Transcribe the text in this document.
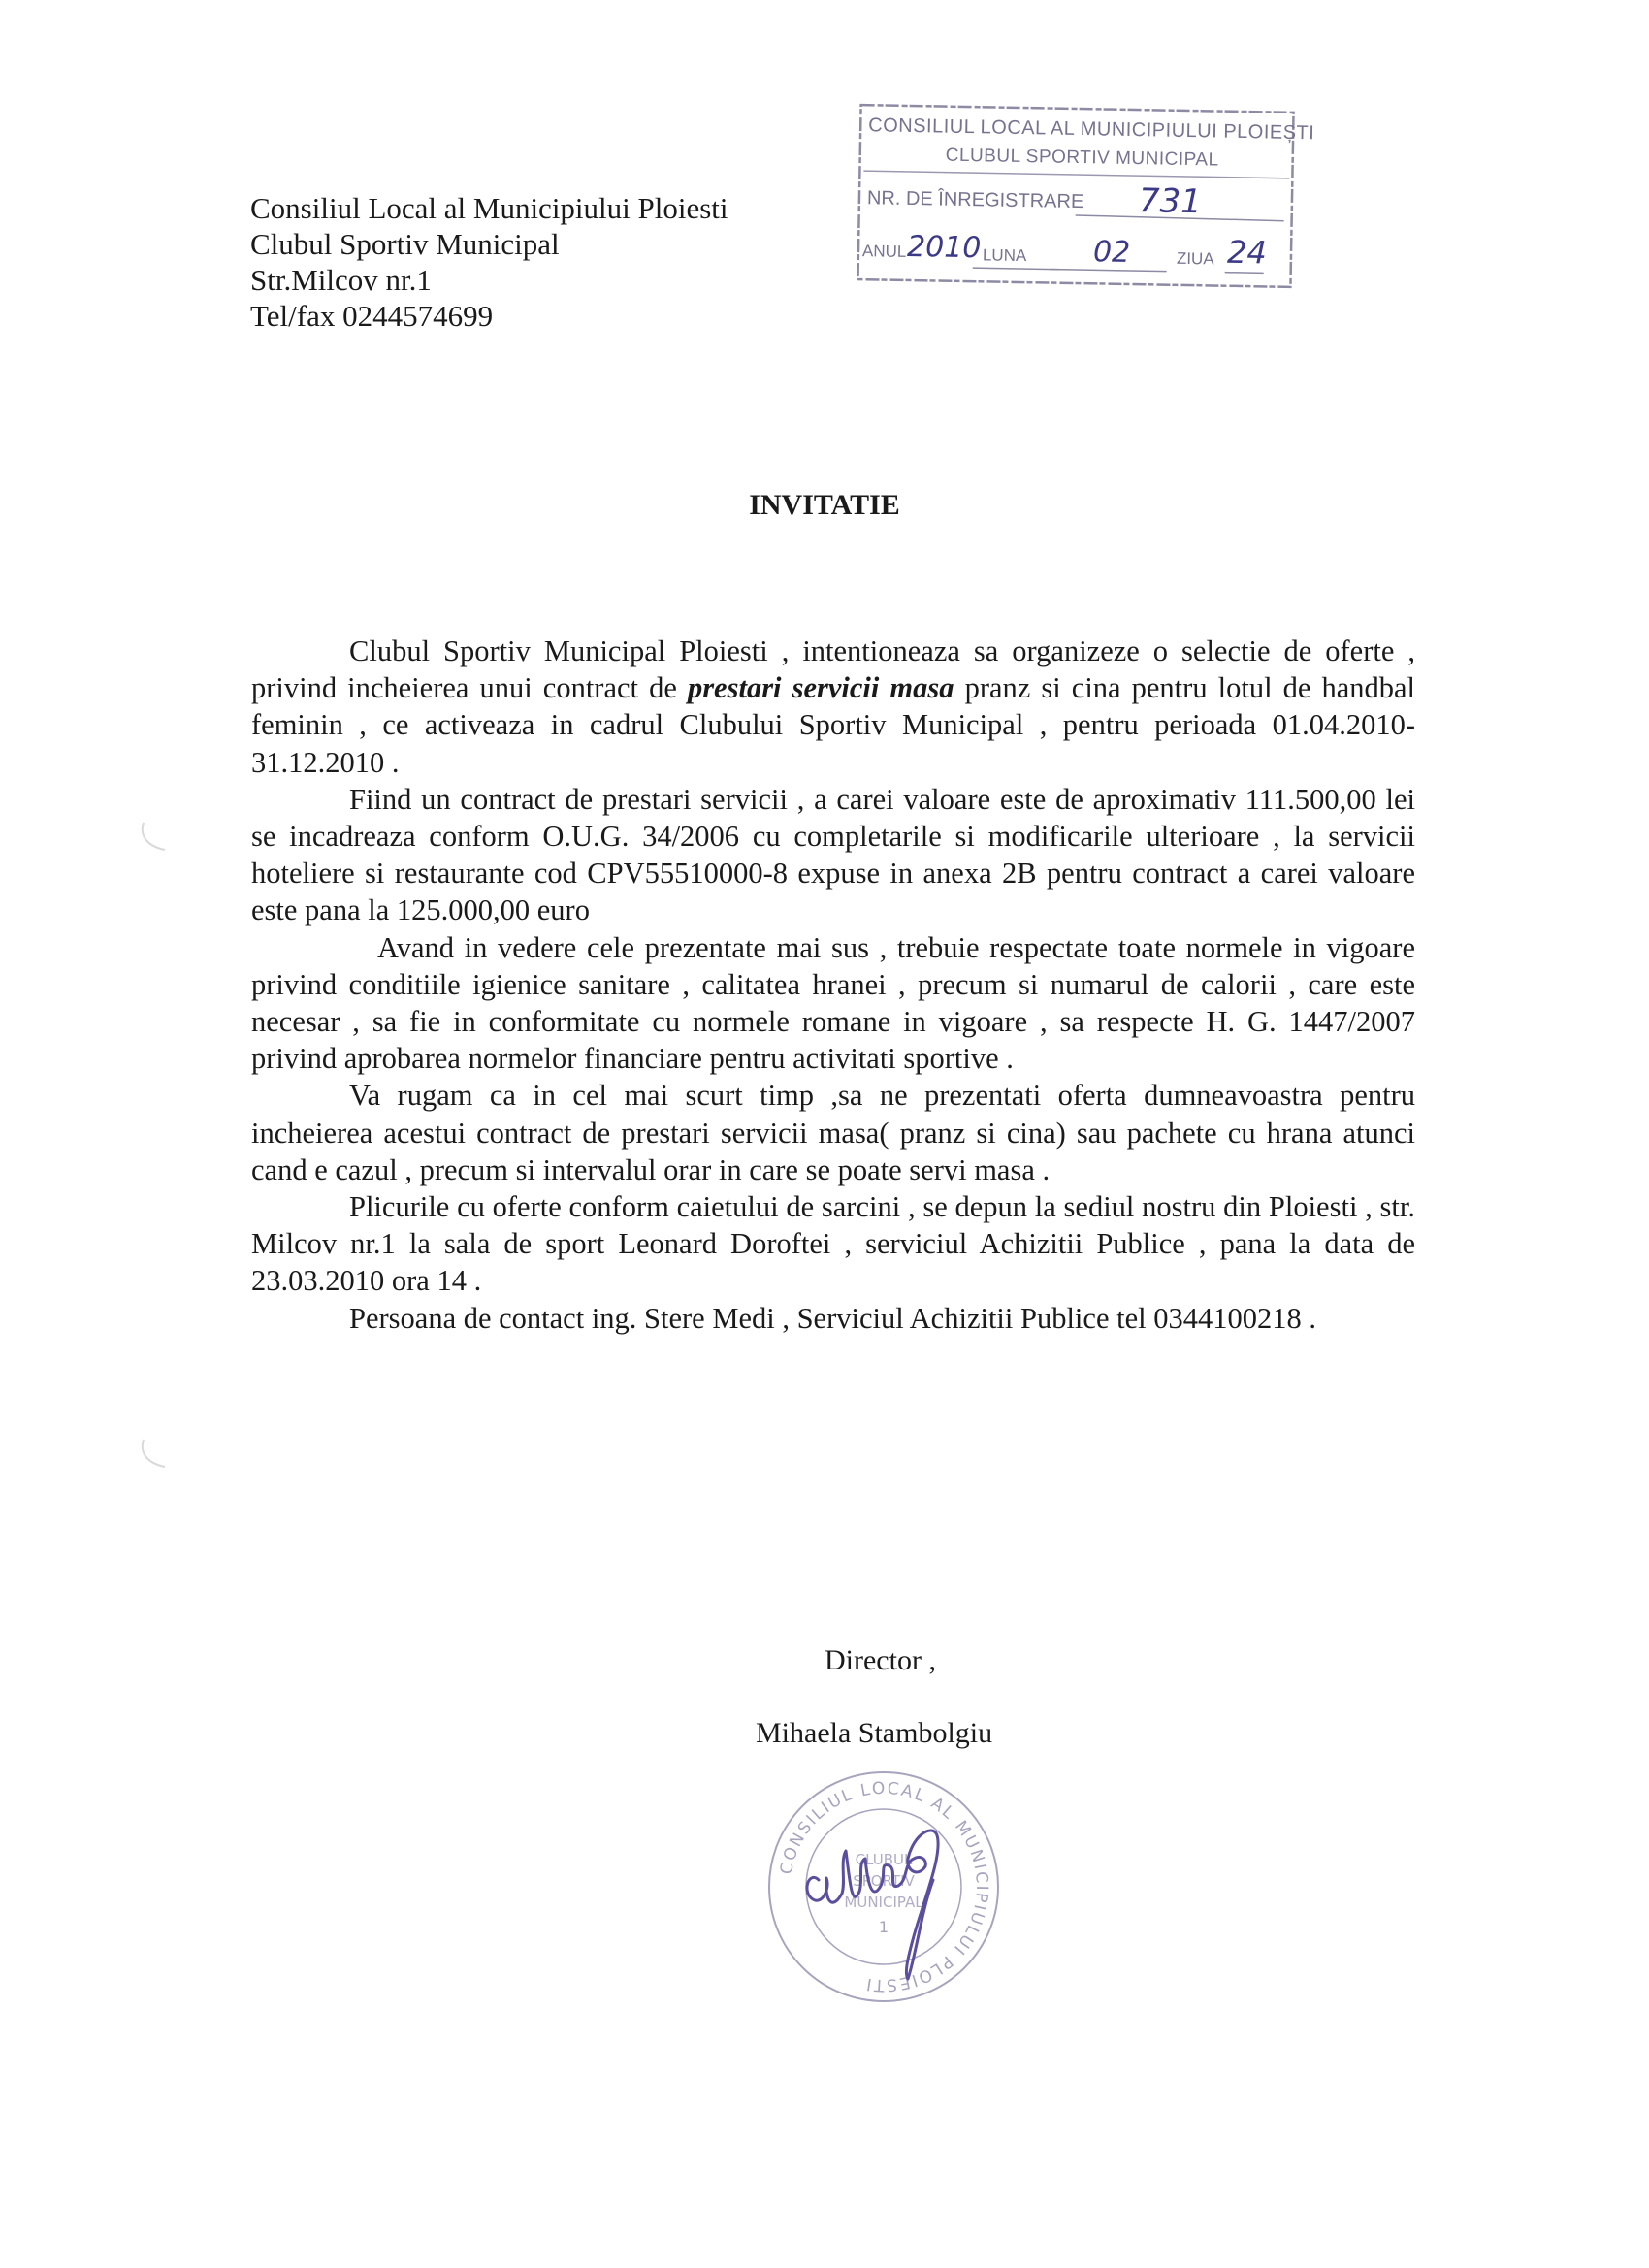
Consiliul Local al Municipiului Ploiesti
Clubul Sportiv Municipal
Str.Milcov nr.1
Tel/fax 0244574699
CONSILIUL LOCAL AL MUNICIPIULUI PLOIEȘTI
CLUBUL SPORTIV MUNICIPAL
NR. DE ÎNREGISTRARE 731
ANUL 2010 LUNA 02	ZIUA 24
INVITATIE

Clubul Sportiv Municipal Ploiesti , intentioneaza sa organizeze o selectie de oferte , privind incheierea unui contract de prestari servicii masa pranz si cina pentru lotul de handbal feminin , ce activeaza in cadrul Clubului Sportiv Municipal , pentru perioada 01.04.2010-31.12.2010 .

Fiind un contract de prestari servicii , a carei valoare este de aproximativ 111.500,00 lei se incadreaza conform O.U.G. 34/2006 cu completarile si modificarile ulterioare , la servicii hoteliere si restaurante cod CPV55510000-8 expuse in anexa 2B pentru contract a carei valoare este pana la 125.000,00 euro

Avand in vedere cele prezentate mai sus , trebuie respectate toate normele in vigoare privind conditiile igienice sanitare , calitatea hranei , precum si numarul de calorii , care este necesar , sa fie in conformitate cu normele romane in vigoare , sa respecte H. G. 1447/2007 privind aprobarea normelor financiare pentru activitati sportive .

Va rugam ca in cel mai scurt timp ,sa ne prezentati oferta dumneavoastra pentru incheierea acestui contract de prestari servicii masa( pranz si cina) sau pachete cu hrana atunci cand e cazul , precum si intervalul orar in care se poate servi masa .

Plicurile cu oferte conform caietului de sarcini , se depun la sediul nostru din Ploiesti , str. Milcov nr.1 la sala de sport Leonard Doroftei , serviciul Achizitii Publice , pana la data de 23.03.2010 ora 14 .

Persoana de contact ing. Stere Medi , Serviciul Achizitii Publice tel 0344100218 .

Director ,
Mihaela Stambolgiu
CONSILIUL LOCAL AL MUNICIPIULUI PLOIESTI
CLUBUL
SPORTIV
MUNICIPAL
1
